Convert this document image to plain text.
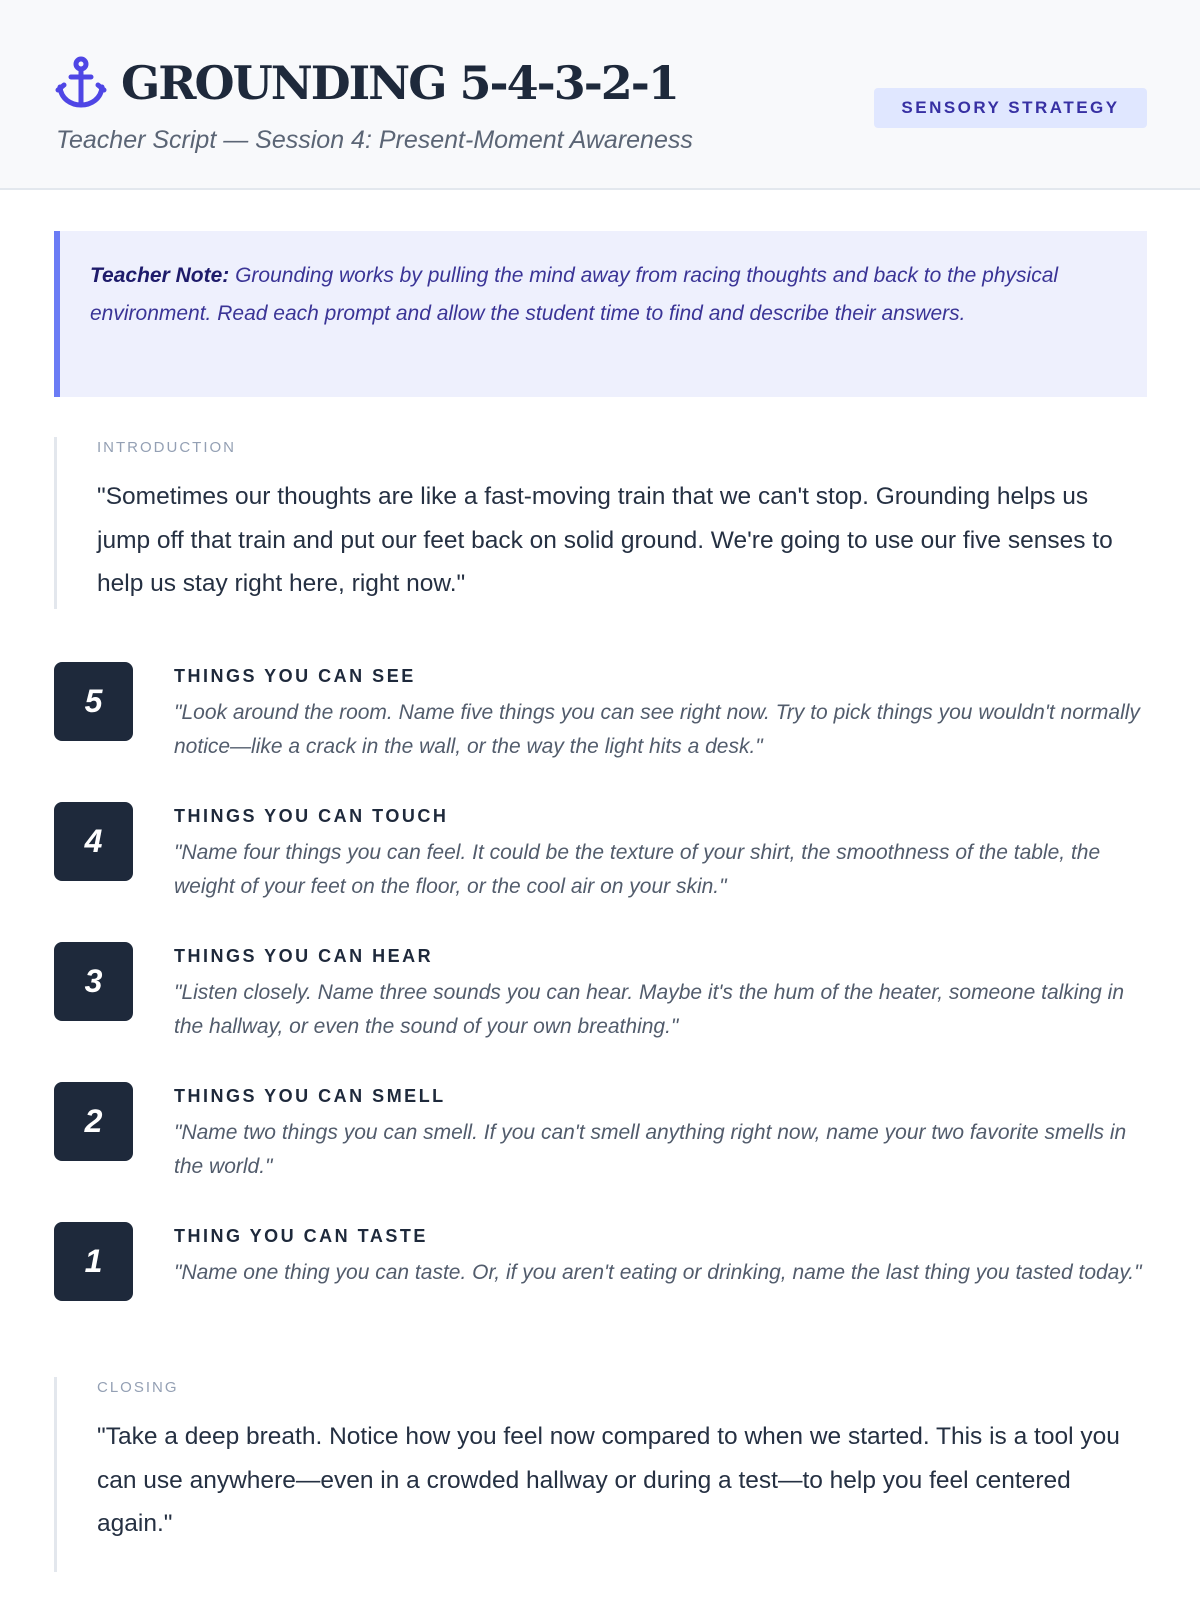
GROUNDING 5-4-3-2-1
Teacher Script — Session 4: Present-Moment Awareness
SENSORY STRATEGY
Teacher Note: Grounding works by pulling the mind away from racing thoughts and back to the physical environment. Read each prompt and allow the student time to find and describe their answers.
INTRODUCTION
"Sometimes our thoughts are like a fast-moving train that we can't stop. Grounding helps us jump off that train and put our feet back on solid ground. We're going to use our five senses to help us stay right here, right now."
5
THINGS YOU CAN SEE
"Look around the room. Name five things you can see right now. Try to pick things you wouldn't normally notice—like a crack in the wall, or the way the light hits a desk."
4
THINGS YOU CAN TOUCH
"Name four things you can feel. It could be the texture of your shirt, the smoothness of the table, the weight of your feet on the floor, or the cool air on your skin."
3
THINGS YOU CAN HEAR
"Listen closely. Name three sounds you can hear. Maybe it's the hum of the heater, someone talking in the hallway, or even the sound of your own breathing."
2
THINGS YOU CAN SMELL
"Name two things you can smell. If you can't smell anything right now, name your two favorite smells in the world."
1
THING YOU CAN TASTE
"Name one thing you can taste. Or, if you aren't eating or drinking, name the last thing you tasted today."
CLOSING
"Take a deep breath. Notice how you feel now compared to when we started. This is a tool you can use anywhere—even in a crowded hallway or during a test—to help you feel centered again."
